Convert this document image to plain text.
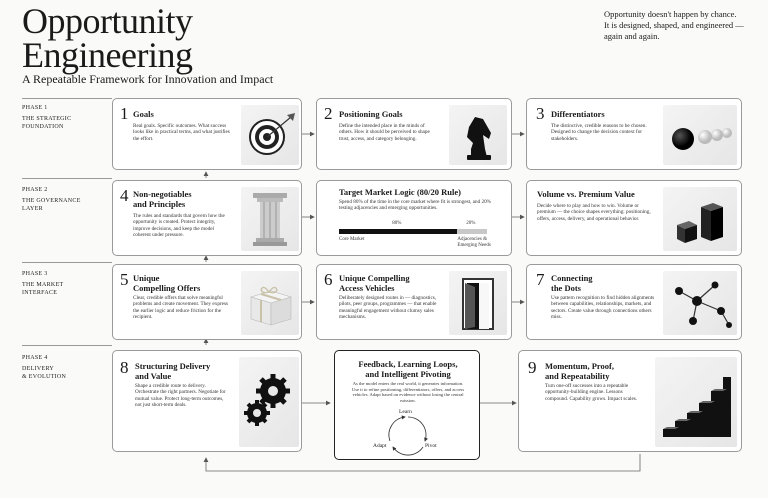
Opportunity
Engineering
A Repeatable Framework for Innovation and Impact
Opportunity doesn't happen by chance.
It is designed, shaped, and engineered —
again and again.
PHASE 1
THE STRATEGIC
FOUNDATION
PHASE 2
THE GOVERNANCE
LAYER
PHASE 3
THE MARKET
INTERFACE
PHASE 4
DELIVERY
& EVOLUTION
1 Goals
Real goals. Specific outcomes. What success looks like in practical terms, and what justifies the effort.
2 Positioning Goals
Define the intended place in the minds of others. How it should be perceived to shape trust, access, and category belonging.
3 Differentiators
The distinctive, credible reasons to be chosen. Designed to change the decision context for stakeholders.
4 Non-negotiables
and Principles
The rules and standards that govern how the opportunity is created. Protect integrity, improve decisions, and keep the model coherent under pressure.
Target Market Logic (80/20 Rule)
Spend 80% of the time in the core market where fit is strongest, and 20% testing adjacencies and emerging opportunities.
80%	20%
Core Market	Adjacencies &
Emerging Needs
Volume vs. Premium Value
Decide where to play and how to win. Volume or premium — the choice shapes everything: positioning, offers, access, delivery, and operational behavior.
5 Unique
Compelling Offers
Clear, credible offers that solve meaningful problems and create movement. They express the earlier logic and reduce friction for the recipient.
6 Unique Compelling
Access Vehicles
Deliberately designed routes in — diagnostics, pilots, peer groups, programmes — that enable meaningful engagement without clumsy sales mechanisms.
7 Connecting
the Dots
Use pattern recognition to find hidden alignments between capabilities, relationships, markets, and sectors. Create value through connections others miss.
8 Structuring Delivery
and Value
Shape a credible route to delivery. Orchestrate the right partners. Negotiate for mutual value. Protect long-term outcomes, not just short-term deals.
Feedback, Learning Loops,
and Intelligent Pivoting
As the model enters the real world, it generates information. Use it to refine positioning, differentiators, offers, and access vehicles. Adapt based on evidence without losing the central mission.
Learn
Adapt	Pivot
9 Momentum, Proof,
and Repeatability
Turn one-off successes into a repeatable opportunity-building engine. Lessons compound. Capability grows. Impact scales.
